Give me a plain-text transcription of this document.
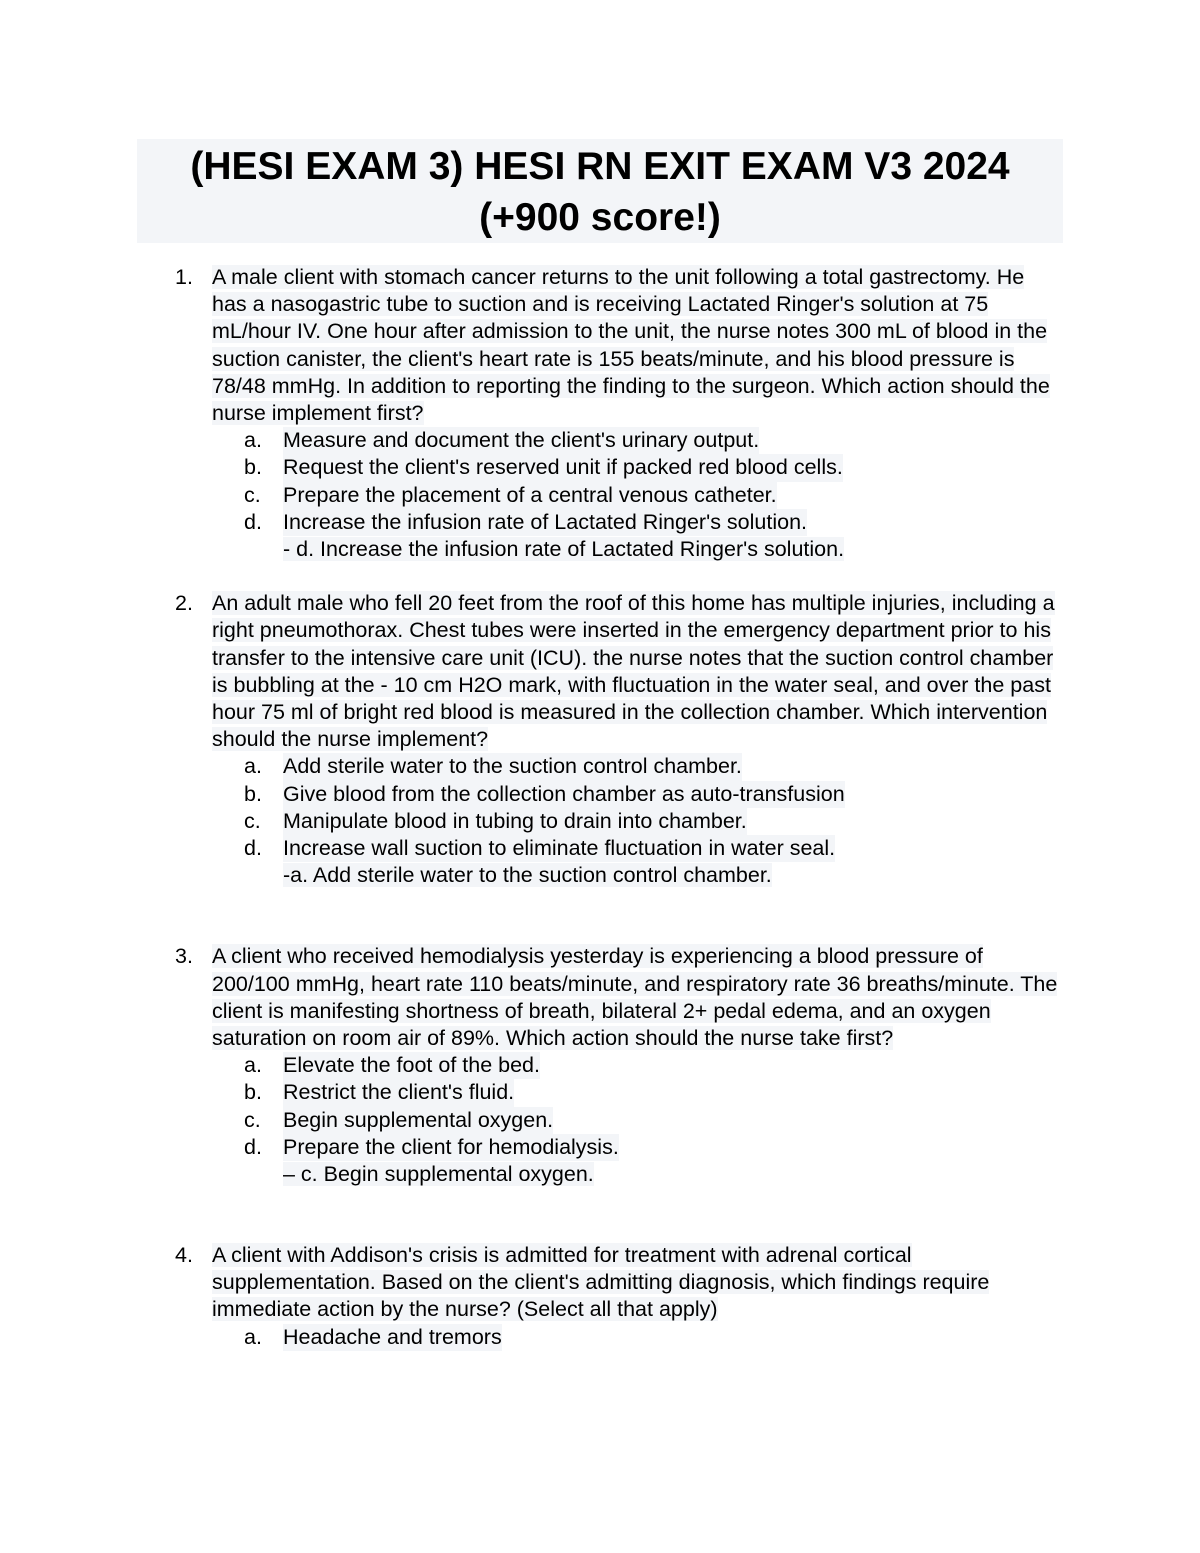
(HESI EXAM 3) HESI RN EXIT EXAM V3 2024
(+900 score!)
1. A male client with stomach cancer returns to the unit following a total gastrectomy. He has a nasogastric tube to suction and is receiving Lactated Ringer's solution at 75 mL/hour IV. One hour after admission to the unit, the nurse notes 300 mL of blood in the suction canister, the client's heart rate is 155 beats/minute, and his blood pressure is 78/48 mmHg. In addition to reporting the finding to the surgeon. Which action should the nurse implement first?
a. Measure and document the client's urinary output.
b. Request the client's reserved unit if packed red blood cells.
c. Prepare the placement of a central venous catheter.
d. Increase the infusion rate of Lactated Ringer's solution.
- d. Increase the infusion rate of Lactated Ringer's solution.
2. An adult male who fell 20 feet from the roof of this home has multiple injuries, including a right pneumothorax. Chest tubes were inserted in the emergency department prior to his transfer to the intensive care unit (ICU). the nurse notes that the suction control chamber is bubbling at the - 10 cm H2O mark, with fluctuation in the water seal, and over the past hour 75 ml of bright red blood is measured in the collection chamber. Which intervention should the nurse implement?
a. Add sterile water to the suction control chamber.
b. Give blood from the collection chamber as auto-transfusion
c. Manipulate blood in tubing to drain into chamber.
d. Increase wall suction to eliminate fluctuation in water seal.
-a. Add sterile water to the suction control chamber.
3. A client who received hemodialysis yesterday is experiencing a blood pressure of 200/100 mmHg, heart rate 110 beats/minute, and respiratory rate 36 breaths/minute. The client is manifesting shortness of breath, bilateral 2+ pedal edema, and an oxygen saturation on room air of 89%. Which action should the nurse take first?
a. Elevate the foot of the bed.
b. Restrict the client's fluid.
c. Begin supplemental oxygen.
d. Prepare the client for hemodialysis.
– c. Begin supplemental oxygen.
4. A client with Addison's crisis is admitted for treatment with adrenal cortical supplementation. Based on the client's admitting diagnosis, which findings require immediate action by the nurse? (Select all that apply)
a. Headache and tremors
